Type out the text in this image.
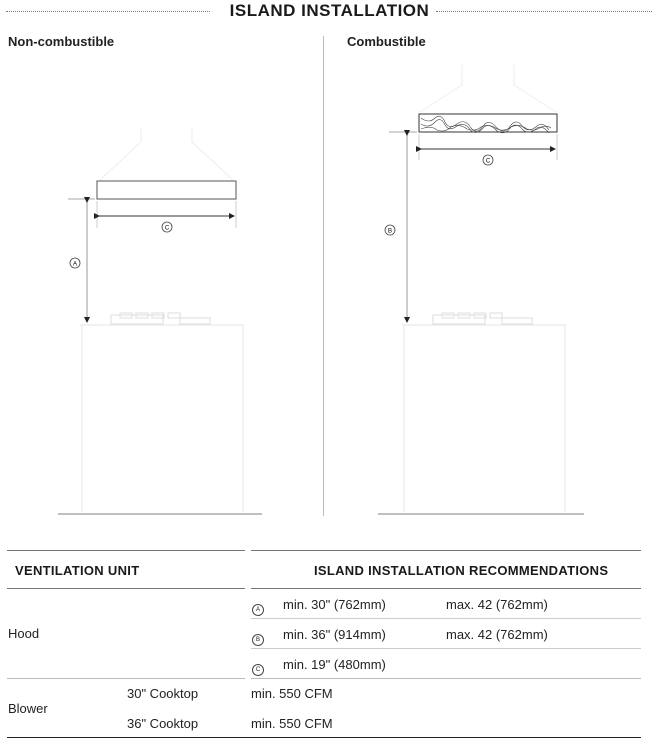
ISLAND INSTALLATION
Non-combustible	Combustible
C
A
C
B
VENTILATION UNIT	ISLAND INSTALLATION RECOMMENDATIONS
Hood
A	min. 30" (762mm)	max. 42 (762mm)
B	min. 36" (914mm)	max. 42 (762mm)
C min. 19" (480mm)
Blower
30" Cooktop	min. 550 CFM
36" Cooktop	min. 550 CFM
